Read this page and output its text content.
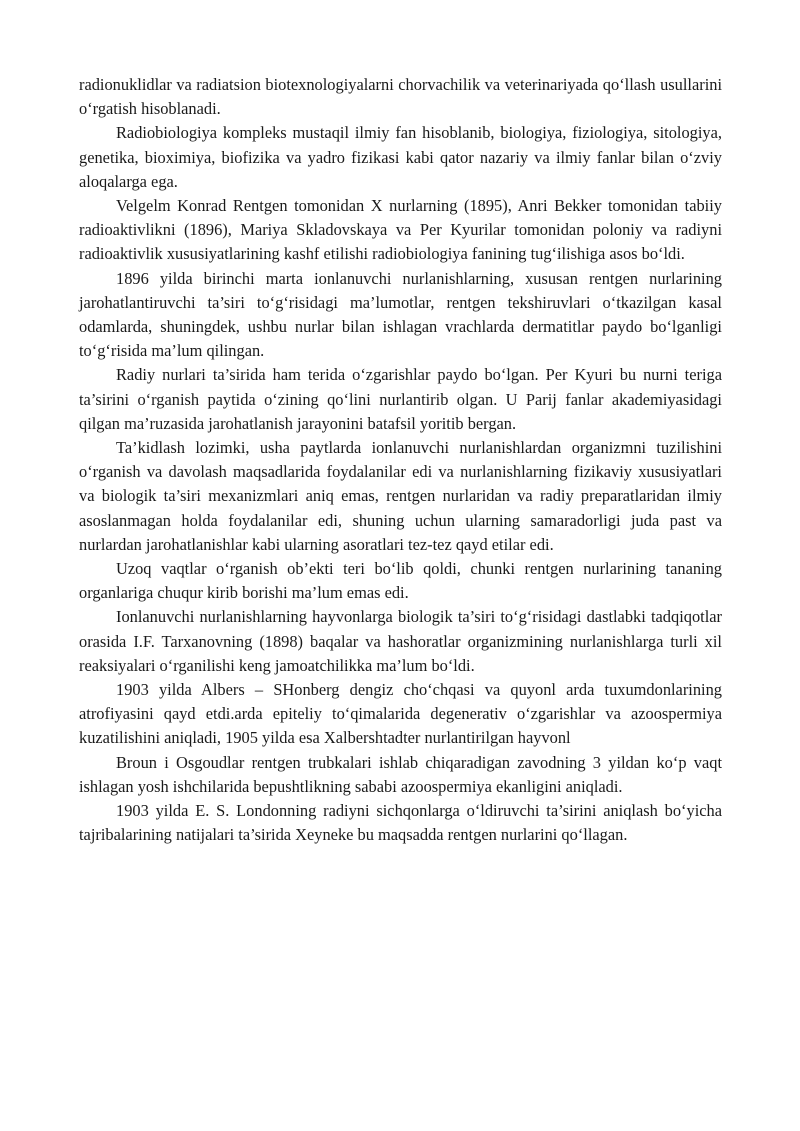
radionuklidlar va radiatsion biotexnologiyalarni chorvachilik va veterinariyada qo‘llash usullarini o‘rgatish hisoblanadi.

Radiobiologiya kompleks mustaqil ilmiy fan hisoblanib, biologiya, fiziologiya, sitologiya, genetika, bioximiya, biofizika va yadro fizikasi kabi qator nazariy va ilmiy fanlar bilan o‘zviy aloqalarga ega.

Velgelm Konrad Rentgen tomonidan X nurlarning (1895), Anri Bekker tomonidan tabiiy radioaktivlikni (1896), Mariya Skladovskaya va Per Kyurilar tomonidan poloniy va radiyni radioaktivlik xususiyatlarining kashf etilishi radiobiologiya fanining tug‘ilishiga asos bo‘ldi.

1896 yilda birinchi marta ionlanuvchi nurlanishlarning, xususan rentgen nurlarining jarohatlantiruvchi ta’siri to‘g‘risidagi ma’lumotlar, rentgen tekshiruvlari o‘tkazilgan kasal odamlarda, shuningdek, ushbu nurlar bilan ishlagan vrachlarda dermatitlar paydo bo‘lganligi to‘g‘risida ma’lum qilingan.

Radiy nurlari ta’sirida ham terida o‘zgarishlar paydo bo‘lgan. Per Kyuri bu nurni teriga ta’sirini o‘rganish paytida o‘zining qo‘lini nurlantirib olgan. U Parij fanlar akademiyasidagi qilgan ma’ruzasida jarohatlanish jarayonini batafsil yoritib bergan.

Ta’kidlash lozimki, usha paytlarda ionlanuvchi nurlanishlardan organizmni tuzilishini o‘rganish va davolash maqsadlarida foydalanilar edi va nurlanishlarning fizikaviy xususiyatlari va biologik ta’siri mexanizmlari aniq emas, rentgen nurlaridan va radiy preparatlaridan ilmiy asoslanmagan holda foydalanilar edi, shuning uchun ularning samaradorligi juda past va nurlardan jarohatlanishlar kabi ularning asoratlari tez-tez qayd etilar edi.

Uzoq vaqtlar o‘rganish ob’ekti teri bo‘lib qoldi, chunki rentgen nurlarining tananing organlariga chuqur kirib borishi ma’lum emas edi.

Ionlanuvchi nurlanishlarning hayvonlarga biologik ta’siri to‘g‘risidagi dastlabki tadqiqotlar orasida I.F. Tarxanovning (1898) baqalar va hashoratlar organizmining nurlanishlarga turli xil reaksiyalari o‘rganilishi keng jamoatchilikka ma’lum bo‘ldi.

1903 yilda Albers – SHonberg dengiz cho‘chqasi va quyonl arda tuxumdonlarining atrofiyasini qayd etdi.arda epiteliy to‘qimalarida degenerativ o‘zgarishlar va azoospermiya kuzatilishini aniqladi, 1905 yilda esa Xalbershtadter nurlantirilgan hayvonl

Broun i Osgoudlar rentgen trubkalari ishlab chiqaradigan zavodning 3 yildan ko‘p vaqt ishlagan yosh ishchilarida bepushtlikning sababi azoospermiya ekanligini aniqladi.

1903 yilda E. S. Londonning radiyni sichqonlarga o‘ldiruvchi ta’sirini aniqlash bo‘yicha tajribalarining natijalari ta’sirida Xeyneke bu maqsadda rentgen nurlarini qo‘llagan.
